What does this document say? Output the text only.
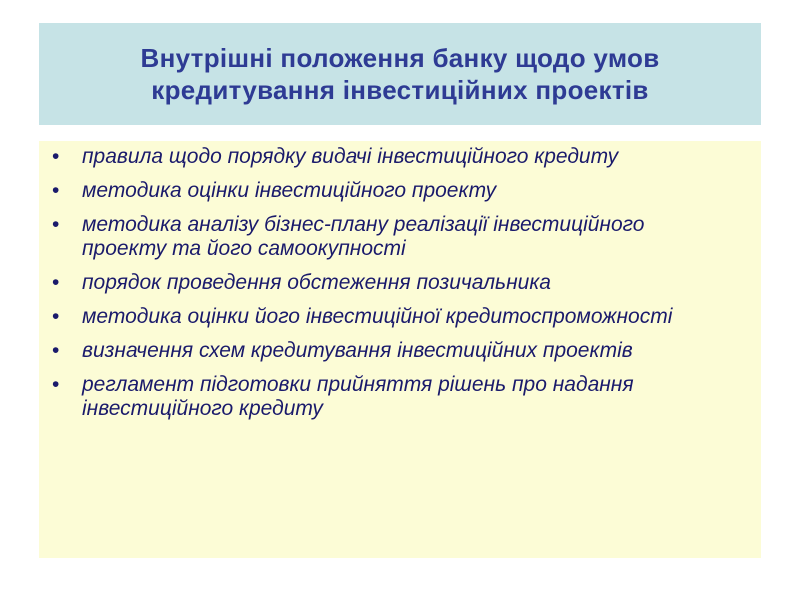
Внутрішні положення банку щодо умов
кредитування інвестиційних проектів
• правила щодо порядку видачі інвестиційного кредиту
• методика оцінки інвестиційного проекту
• методика аналізу бізнес-плану реалізації інвестиційного проекту та його самоокупності
• порядок проведення обстеження позичальника
• методика оцінки його інвестиційної кредитоспроможності
• визначення схем кредитування інвестиційних проектів
• регламент підготовки прийняття рішень про надання інвестиційного кредиту
